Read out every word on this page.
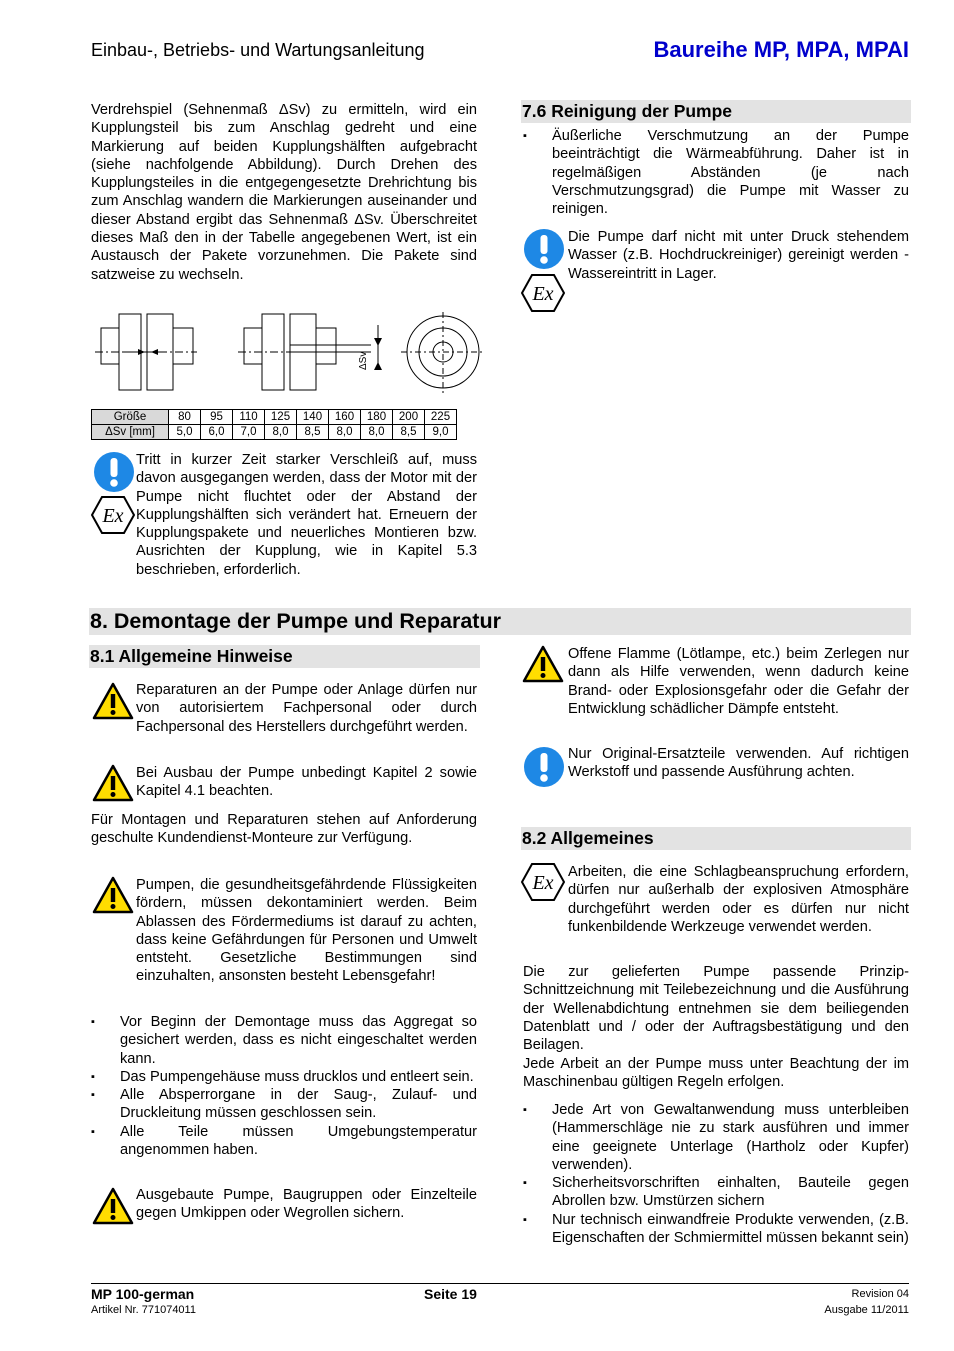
Einbau-, Betriebs- und Wartungsanleitung	Baureihe MP, MPA, MPAI

Verdrehspiel (Sehnenmaß ΔSv) zu ermitteln, wird ein Kupplungsteil bis zum Anschlag gedreht und eine Markierung auf beiden Kupplungshälften aufgebracht (siehe nachfolgende Abbildung). Durch Drehen des Kupplungsteiles in die entgegengesetzte Drehrichtung bis zum Anschlag wandern die Markierungen auseinander und dieser Abstand ergibt das Sehnenmaß ΔSv. Überschreitet dieses Maß den in der Tabelle angegebenen Wert, ist ein Austausch der Pakete vorzunehmen. Die Pakete sind satzweise zu wechseln.

ΔSv
Größe	80	95	110	125	140	160	180	200	225
ΔSv [mm]	5,0	6,0	7,0	8,0	8,5	8,0	8,0	8,5	9,0
Ex

Tritt in kurzer Zeit starker Verschleiß auf, muss davon ausgegangen werden, dass der Motor mit der Pumpe nicht fluchtet oder der Abstand der Kupplungshälften sich verändert hat. Erneuern der Kupplungspakete und neuerliches Montieren bzw. Ausrichten der Kupplung, wie in Kapitel 5.3 beschrieben, erforderlich.

7.6 Reinigung der Pumpe
▪ Äußerliche Verschmutzung an der Pumpe beeinträchtigt die Wärmeabführung. Daher ist in regelmäßigen Abständen (je nach Verschmutzungsgrad) die Pumpe mit Wasser zu reinigen.
Ex

Die Pumpe darf nicht mit unter Druck stehendem Wasser (z.B. Hochdruckreiniger) gereinigt werden - Wassereintritt in Lager.

8. Demontage der Pumpe und Reparatur
8.1 Allgemeine Hinweise

Reparaturen an der Pumpe oder Anlage dürfen nur von autorisiertem Fachpersonal oder durch Fachpersonal des Herstellers durchgeführt werden.

Bei Ausbau der Pumpe unbedingt Kapitel 2 sowie Kapitel 4.1 beachten.

Für Montagen und Reparaturen stehen auf Anforderung geschulte Kundendienst-Monteure zur Verfügung.

Pumpen, die gesundheitsgefährdende Flüssigkeiten fördern, müssen dekontaminiert werden. Beim Ablassen des Fördermediums ist darauf zu achten, dass keine Gefährdungen für Personen und Umwelt entsteht. Gesetzliche Bestimmungen sind einzuhalten, ansonsten besteht Lebensgefahr!

▪ Vor Beginn der Demontage muss das Aggregat so gesichert werden, dass es nicht eingeschaltet werden kann.
▪ Das Pumpengehäuse muss drucklos und entleert sein.
▪ Alle Absperrorgane in der Saug-, Zulauf- und Druckleitung müssen geschlossen sein.
▪ Alle Teile müssen Umgebungstemperatur angenommen haben.

Ausgebaute Pumpe, Baugruppen oder Einzelteile gegen Umkippen oder Wegrollen sichern.

Offene Flamme (Lötlampe, etc.) beim Zerlegen nur dann als Hilfe verwenden, wenn dadurch keine Brand- oder Explosionsgefahr oder die Gefahr der Entwicklung schädlicher Dämpfe entsteht.

Nur Original-Ersatzteile verwenden. Auf richtigen Werkstoff und passende Ausführung achten.

8.2 Allgemeines
Ex Arbeiten, die eine Schlagbeanspruchung erfordern, dürfen nur außerhalb der explosiven Atmosphäre durchgeführt werden oder es dürfen nur nicht funkenbildende Werkzeuge verwendet werden.

Die zur gelieferten Pumpe passende Prinzip-Schnittzeichnung mit Teilebezeichnung und die Ausführung der Wellenabdichtung entnehmen sie dem beiliegenden Datenblatt und / oder der Auftragsbestätigung und den Beilagen.

Jede Arbeit an der Pumpe muss unter Beachtung der im Maschinenbau gültigen Regeln erfolgen.

▪ Jede Art von Gewaltanwendung muss unterbleiben (Hammerschläge nie zu stark ausführen und immer eine geeignete Unterlage (Hartholz oder Kupfer) verwenden).
▪ Sicherheitsvorschriften einhalten, Bauteile gegen Abrollen bzw. Umstürzen sichern
▪ Nur technisch einwandfreie Produkte verwenden, (z.B. Eigenschaften der Schmiermittel müssen bekannt sein)
MP 100-german
Artikel Nr. 771074011
Seite 19	Revision 04
Ausgabe 11/2011
